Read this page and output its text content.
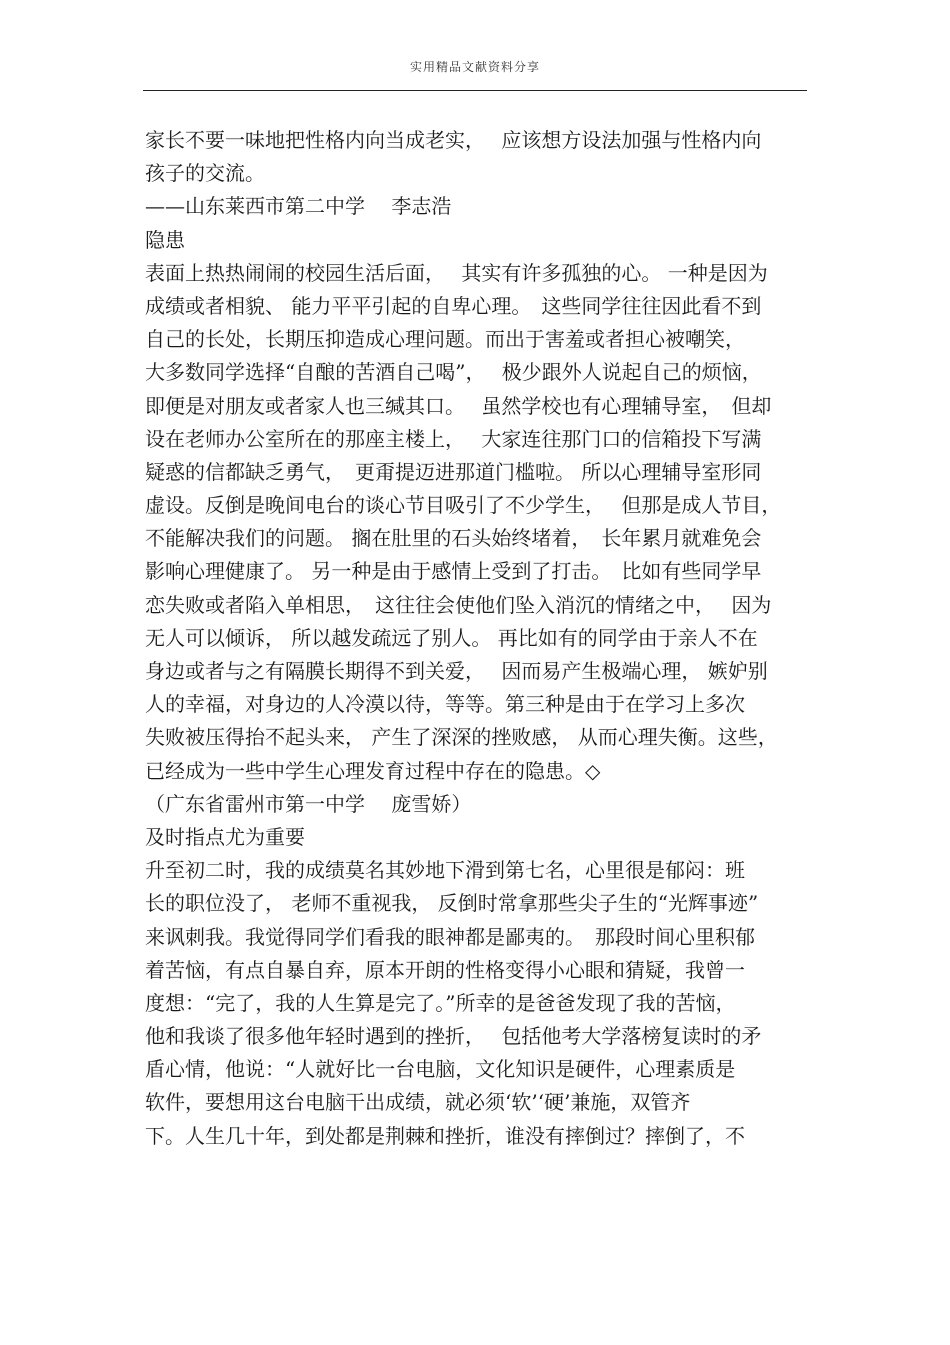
实用精品文献资料分享
家长不要一味地把性格内向当成老实，　 应该想方设法加强与性格内向
孩子的交流。
——山东莱西市第二中学　 李志浩
隐患
表面上热热闹闹的校园生活后面，　 其实有许多孤独的心。 一种是因为
成绩或者相貌、 能力平平引起的自卑心理。　这些同学往往因此看不到
自己的长处，长期压抑造成心理问题。而出于害羞或者担心被嘲笑，
大多数同学选择“自酿的苦酒自己喝”，　 极少跟外人说起自己的烦恼，
即便是对朋友或者家人也三缄其口。　 虽然学校也有心理辅导室，　但却
设在老师办公室所在的那座主楼上，　 大家连往那门口的信箱投下写满
疑惑的信都缺乏勇气，　更甭提迈进那道门槛啦。 所以心理辅导室形同
虚设。反倒是晚间电台的谈心节目吸引了不少学生，　 但那是成人节目，
不能解决我们的问题。 搁在肚里的石头始终堵着，　长年累月就难免会
影响心理健康了。 另一种是由于感情上受到了打击。　比如有些同学早
恋失败或者陷入单相思，　这往往会使他们坠入消沉的情绪之中，　 因为
无人可以倾诉， 所以越发疏远了别人。 再比如有的同学由于亲人不在
身边或者与之有隔膜长期得不到关爱，　 因而易产生极端心理， 嫉妒别
人的幸福，对身边的人冷漠以待，等等。第三种是由于在学习上多次
失败被压得抬不起头来， 产生了深深的挫败感， 从而心理失衡。这些，
已经成为一些中学生心理发育过程中存在的隐患。◇
（广东省雷州市第一中学　 庞雪娇）
及时指点尤为重要
升至初二时，我的成绩莫名其妙地下滑到第七名，心里很是郁闷：班
长的职位没了， 老师不重视我， 反倒时常拿那些尖子生的“光辉事迹”
来讽刺我。我觉得同学们看我的眼神都是鄙夷的。　那段时间心里积郁
着苦恼，有点自暴自弃，原本开朗的性格变得小心眼和猜疑，我曾一
度想：“完了，我的人生算是完了。”所幸的是爸爸发现了我的苦恼，
他和我谈了很多他年轻时遇到的挫折，　 包括他考大学落榜复读时的矛
盾心情，他说：“人就好比一台电脑，文化知识是硬件，心理素质是
软件，要想用这台电脑干出成绩，就必须‘软’‘硬’兼施，双管齐
下。人生几十年，到处都是荆棘和挫折，谁没有摔倒过？摔倒了，不
